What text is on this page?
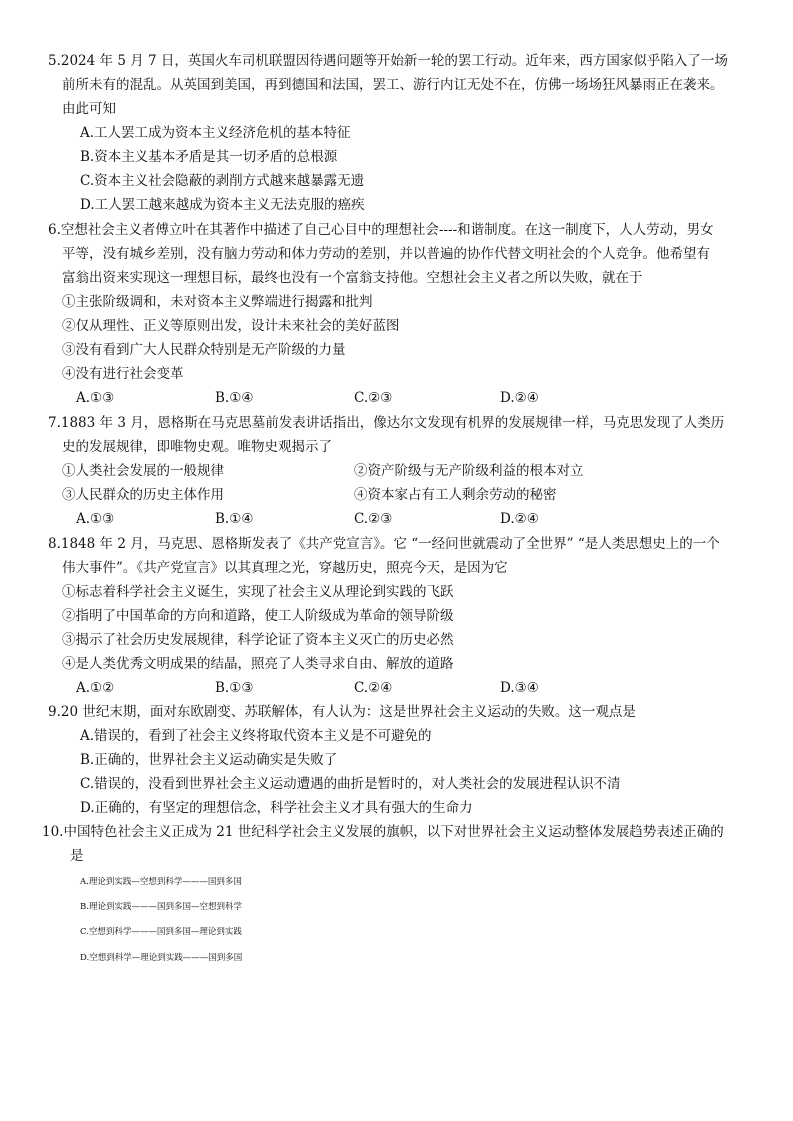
5.2024 年 5 月 7 日，英国火车司机联盟因待遇问题等开始新一轮的罢工行动。近年来，西方国家似乎陷入了一场
前所未有的混乱。从英国到美国，再到德国和法国，罢工、游行内讧无处不在，仿佛一场场狂风暴雨正在袭来。
由此可知
A.工人罢工成为资本主义经济危机的基本特征
B.资本主义基本矛盾是其一切矛盾的总根源
C.资本主义社会隐蔽的剥削方式越来越暴露无遗
D.工人罢工越来越成为资本主义无法克服的癌疾
6.空想社会主义者傅立叶在其著作中描述了自己心目中的理想社会----和谐制度。在这一制度下，人人劳动，男女
平等，没有城乡差别，没有脑力劳动和体力劳动的差别，并以普遍的协作代替文明社会的个人竞争。他希望有
富翁出资来实现这一理想目标，最终也没有一个富翁支持他。空想社会主义者之所以失败，就在于
①主张阶级调和，未对资本主义弊端进行揭露和批判
②仅从理性、正义等原则出发，设计未来社会的美好蓝图
③没有看到广大人民群众特别是无产阶级的力量
④没有进行社会变革
A.①③	B.①④	C.②③	D.②④
7.1883 年 3 月，恩格斯在马克思墓前发表讲话指出，像达尔文发现有机界的发展规律一样，马克思发现了人类历
史的发展规律，即唯物史观。唯物史观揭示了
①人类社会发展的一般规律	②资产阶级与无产阶级利益的根本对立
③人民群众的历史主体作用	④资本家占有工人剩余劳动的秘密
A.①③	B.①④	C.②③	D.②④
8.1848 年 2 月，马克思、恩格斯发表了《共产党宣言》。它 “一经问世就震动了全世界” “是人类思想史上的一个
伟大事件”。《共产党宣言》以其真理之光，穿越历史，照亮今天，是因为它
①标志着科学社会主义诞生，实现了社会主义从理论到实践的飞跃
②指明了中国革命的方向和道路，使工人阶级成为革命的领导阶级
③揭示了社会历史发展规律，科学论证了资本主义灭亡的历史必然
④是人类优秀文明成果的结晶，照亮了人类寻求自由、解放的道路
A.①②	B.①③	C.②④	D.③④
9.20 世纪末期，面对东欧剧变、苏联解体，有人认为：这是世界社会主义运动的失败。这一观点是
A.错误的，看到了社会主义终将取代资本主义是不可避免的
B.正确的，世界社会主义运动确实是失败了
C.错误的，没看到世界社会主义运动遭遇的曲折是暂时的，对人类社会的发展进程认识不清
D.正确的，有坚定的理想信念，科学社会主义才具有强大的生命力
10.中国特色社会主义正成为 21 世纪科学社会主义发展的旗帜，以下对世界社会主义运动整体发展趋势表述正确的
是
A.理论到实践—空想到科学———国到多国
B.理论到实践———国到多国—空想到科学
C.空想到科学———国到多国—理论到实践
D.空想到科学—理论到实践———国到多国
